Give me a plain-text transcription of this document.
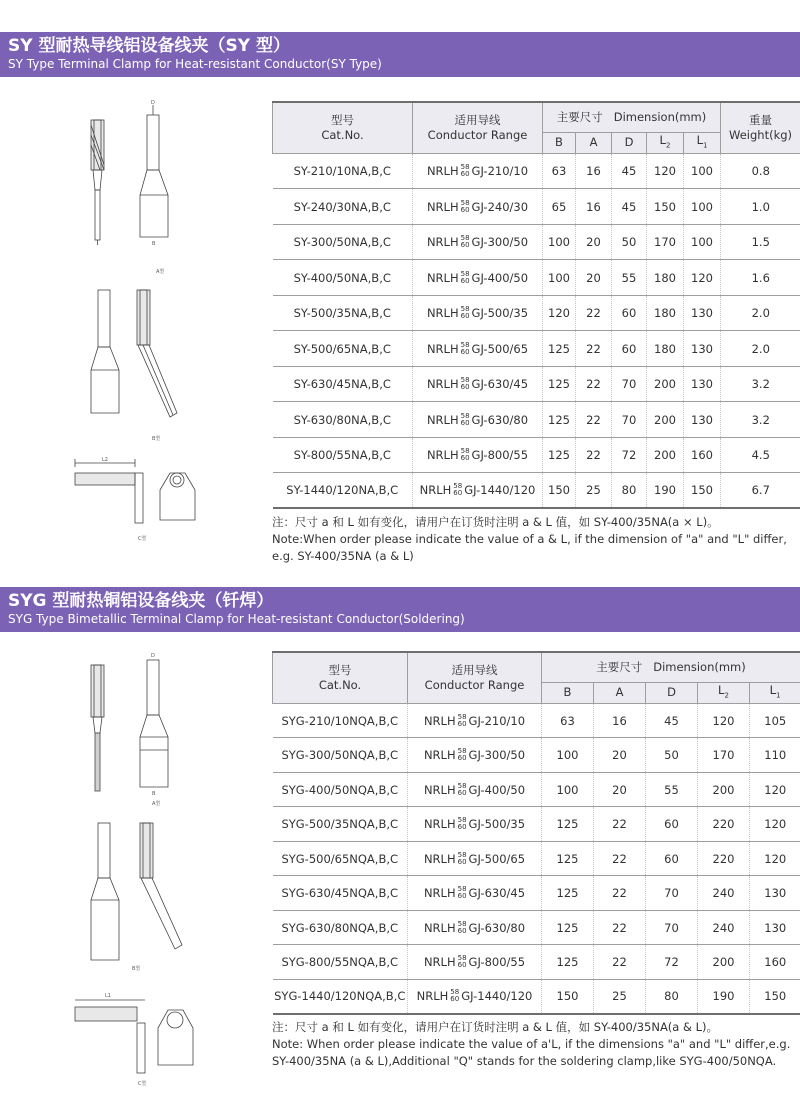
SY 型耐热导线铝设备线夹（SY 型）
SY Type Terminal Clamp for Heat-resistant Conductor(SY Type)
A型
B型
C型
D
B
L2
型号
Cat.No.	适用导线
Conductor Range	主要尺寸 Dimension(mm)					重量
Weight(kg)
		B	A	D	$L_2$	$L_1$
SY-210/10NA,B,C	NRLH 58
60 GJ-210/10	63	16	45	120	100	0.8
SY-240/30NA,B,C	NRLH 58
60 GJ-240/30	65	16	45	150	100	1.0
SY-300/50NA,B,C	NRLH 58
60 GJ-300/50	100	20	50	170	100	1.5
SY-400/50NA,B,C	NRLH 58
60 GJ-400/50	100	20	55	180	120	1.6
SY-500/35NA,B,C	NRLH 58
60 GJ-500/35	120	22	60	180	130	2.0
SY-500/65NA,B,C	NRLH 58
60 GJ-500/65	125	22	60	180	130	2.0
SY-630/45NA,B,C	NRLH 58
60 GJ-630/45	125	22	70	200	130	3.2
SY-630/80NA,B,C	NRLH 58
60 GJ-630/80	125	22	70	200	130	3.2
SY-800/55NA,B,C	NRLH 58
60 GJ-800/55	125	22	72	200	160	4.5
SY-1440/120NA,B,C	NRLH 58
60 GJ-1440/120	150	25	80	190	150	6.7
注：尺寸 a 和 L 如有变化，请用户在订货时注明 a & L 值，如 SY-400/35NA(a × L)。
Note:When order please indicate the value of a & L, if the dimension of "a" and "L" differ, e.g. SY-400/35NA (a & L)
SYG 型耐热铜铝设备线夹（钎焊）
SYG Type Bimetallic Terminal Clamp for Heat-resistant Conductor(Soldering)
A型
B型
C型
D
B
L1
型号
Cat.No.	适用导线
Conductor Range	主要尺寸 Dimension(mm)				
		B	A	D	$L_2$	$L_1$
SYG-210/10NQA,B,C	NRLH 58
60 GJ-210/10	63	16	45	120	105
SYG-300/50NQA,B,C	NRLH 58
60 GJ-300/50	100	20	50	170	110
SYG-400/50NQA,B,C	NRLH 58
60 GJ-400/50	100	20	55	200	120
SYG-500/35NQA,B,C	NRLH 58
60 GJ-500/35	125	22	60	220	120
SYG-500/65NQA,B,C	NRLH 58
60 GJ-500/65	125	22	60	220	120
SYG-630/45NQA,B,C	NRLH 58
60 GJ-630/45	125	22	70	240	130
SYG-630/80NQA,B,C	NRLH 58
60 GJ-630/80	125	22	70	240	130
SYG-800/55NQA,B,C	NRLH 58
60 GJ-800/55	125	22	72	200	160
SYG-1440/120NQA,B,C	NRLH 58
60 GJ-1440/120	150	25	80	190	150
注：尺寸 a 和 L 如有变化，请用户在订货时注明 a & L 值，如 SY-400/35NA(a & L)。
Note: When order please indicate the value of a'L, if the dimensions "a" and "L" differ,e.g. SY-400/35NA (a & L),Additional "Q" stands for the soldering clamp,like SYG-400/50NQA.
